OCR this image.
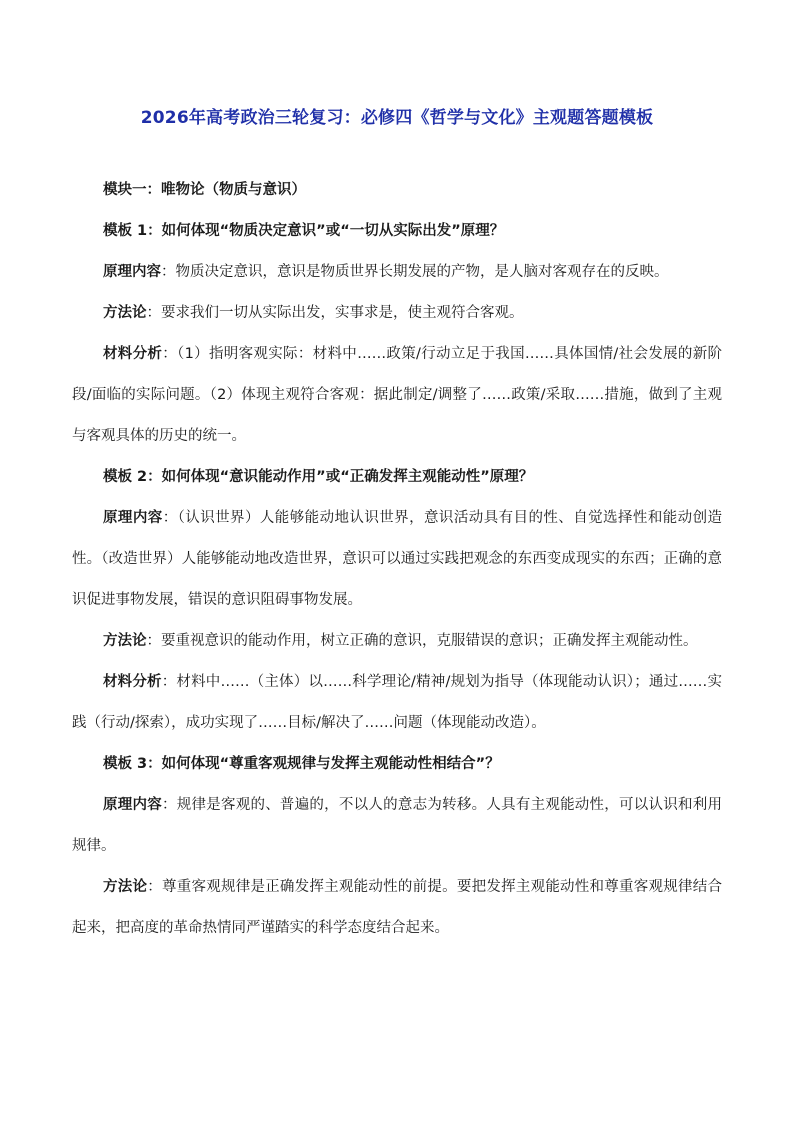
2026年高考政治三轮复习：必修四《哲学与文化》主观题答题模板

模块一：唯物论（物质与意识）

模板 1：如何体现“物质决定意识”或“一切从实际出发”原理？

原理内容：物质决定意识，意识是物质世界长期发展的产物，是人脑对客观存在的反映。

方法论：要求我们一切从实际出发，实事求是，使主观符合客观。

材料分析：（1）指明客观实际：材料中……政策/行动立足于我国……具体国情/社会发展的新阶段/面临的实际问题。（2）体现主观符合客观：据此制定/调整了……政策/采取……措施，做到了主观与客观具体的历史的统一。

模板 2：如何体现“意识能动作用”或“正确发挥主观能动性”原理？

原理内容：（认识世界）人能够能动地认识世界，意识活动具有目的性、自觉选择性和能动创造性。（改造世界）人能够能动地改造世界，意识可以通过实践把观念的东西变成现实的东西；正确的意识促进事物发展，错误的意识阻碍事物发展。

方法论：要重视意识的能动作用，树立正确的意识，克服错误的意识；正确发挥主观能动性。

材料分析：材料中……（主体）以……科学理论/精神/规划为指导（体现能动认识）；通过……实践（行动/探索），成功实现了……目标/解决了……问题（体现能动改造）。

模板 3：如何体现“尊重客观规律与发挥主观能动性相结合”？

原理内容：规律是客观的、普遍的，不以人的意志为转移。人具有主观能动性，可以认识和利用规律。

方法论：尊重客观规律是正确发挥主观能动性的前提。要把发挥主观能动性和尊重客观规律结合起来，把高度的革命热情同严谨踏实的科学态度结合起来。
